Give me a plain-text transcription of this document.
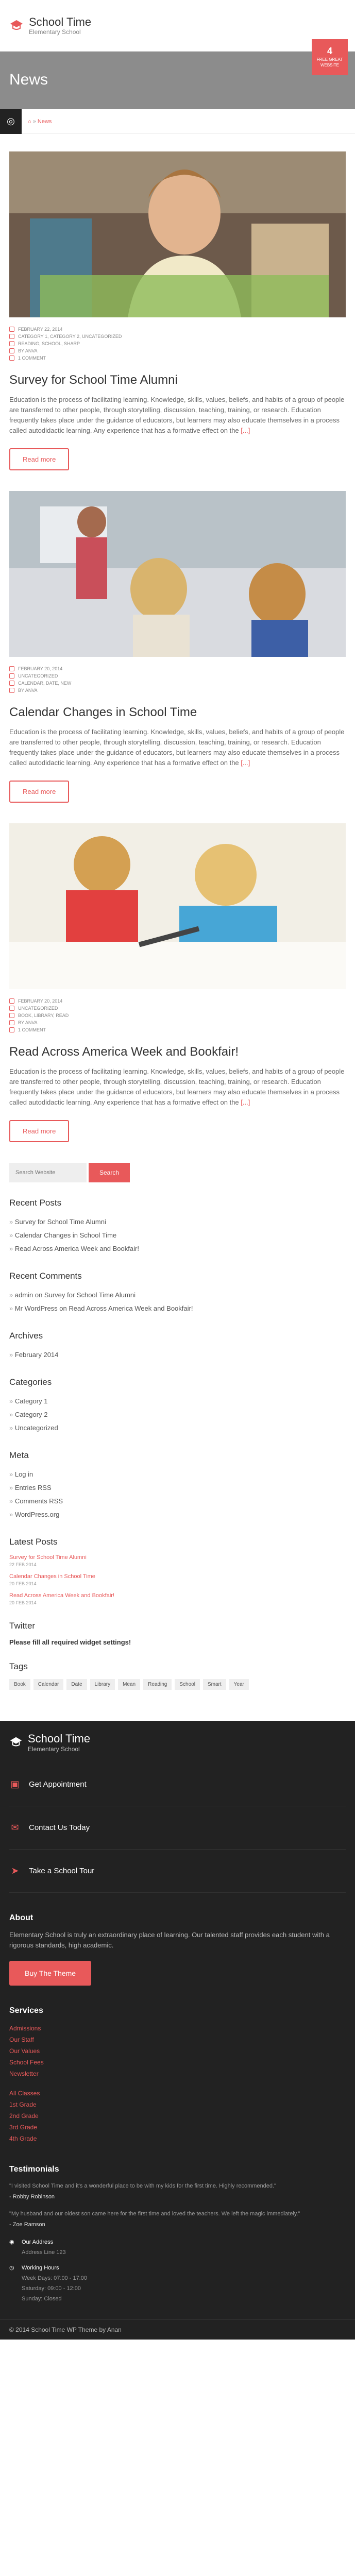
School Time
Elementary School
4
FREE GREAT
WEBSITE
News
◎	⌂ » News
FEBRUARY 22, 2014
CATEGORY 1, CATEGORY 2, UNCATEGORIZED
READING, SCHOOL, SHARP
BY ANVA
1 COMMENT
Survey for School Time Alumni

Education is the process of facilitating learning. Knowledge, skills, values, beliefs, and habits of a group of people are transferred to other people, through storytelling, discussion, teaching, training, or research. Education frequently takes place under the guidance of educators, but learners may also educate themselves in a process called autodidactic learning. Any experience that has a formative effect on the [...]

Read more
FEBRUARY 20, 2014
UNCATEGORIZED
CALENDAR, DATE, NEW
BY ANVA
Calendar Changes in School Time

Education is the process of facilitating learning. Knowledge, skills, values, beliefs, and habits of a group of people are transferred to other people, through storytelling, discussion, teaching, training, or research. Education frequently takes place under the guidance of educators, but learners may also educate themselves in a process called autodidactic learning. Any experience that has a formative effect on the [...]

Read more
FEBRUARY 20, 2014
UNCATEGORIZED
BOOK, LIBRARY, READ
BY ANVA
1 COMMENT
Read Across America Week and Bookfair!

Education is the process of facilitating learning. Knowledge, skills, values, beliefs, and habits of a group of people are transferred to other people, through storytelling, discussion, teaching, training, or research. Education frequently takes place under the guidance of educators, but learners may also educate themselves in a process called autodidactic learning. Any experience that has a formative effect on the [...]

Read more
Search Website
Search
Recent Posts
» Survey for School Time Alumni
» Calendar Changes in School Time
» Read Across America Week and Bookfair!
Recent Comments
» admin on Survey for School Time Alumni
» Mr WordPress on Read Across America Week and Bookfair!
Archives
» February 2014
Categories
» Category 1
» Category 2
» Uncategorized
Meta
» Log in
» Entries RSS
» Comments RSS
» WordPress.org
Latest Posts
Survey for School Time Alumni
22 FEB 2014
Calendar Changes in School Time
20 FEB 2014
Read Across America Week and Bookfair!
20 FEB 2014
Twitter
Please fill all required widget settings!
Tags
Book	Calendar	Date	Library	Mean	Reading	School	Smart	Year
School Time
Elementary School
▣ Get Appointment
✉ Contact Us Today
➤ Take a School Tour
About

Elementary School is truly an extraordinary place of learning. Our talented staff provides each student with a rigorous standards, high academic.

Buy The Theme
Services
Admissions
Our Staff
Our Values
School Fees
Newsletter
All Classes
1st Grade
2nd Grade
3rd Grade
4th Grade
Testimonials
"I visited School Time and it's a wonderful place to be with my kids for the first time. Highly recommended."
- Robby Robinson
"My husband and our oldest son came here for the first time and loved the teachers. We left the magic immediately."
- Zoe Ramson
◉	Our Address
Address Line 123
◷	Working Hours
Week Days: 07:00 - 17:00
Saturday: 09:00 - 12:00
Sunday: Closed
© 2014 School Time WP Theme by Anan
